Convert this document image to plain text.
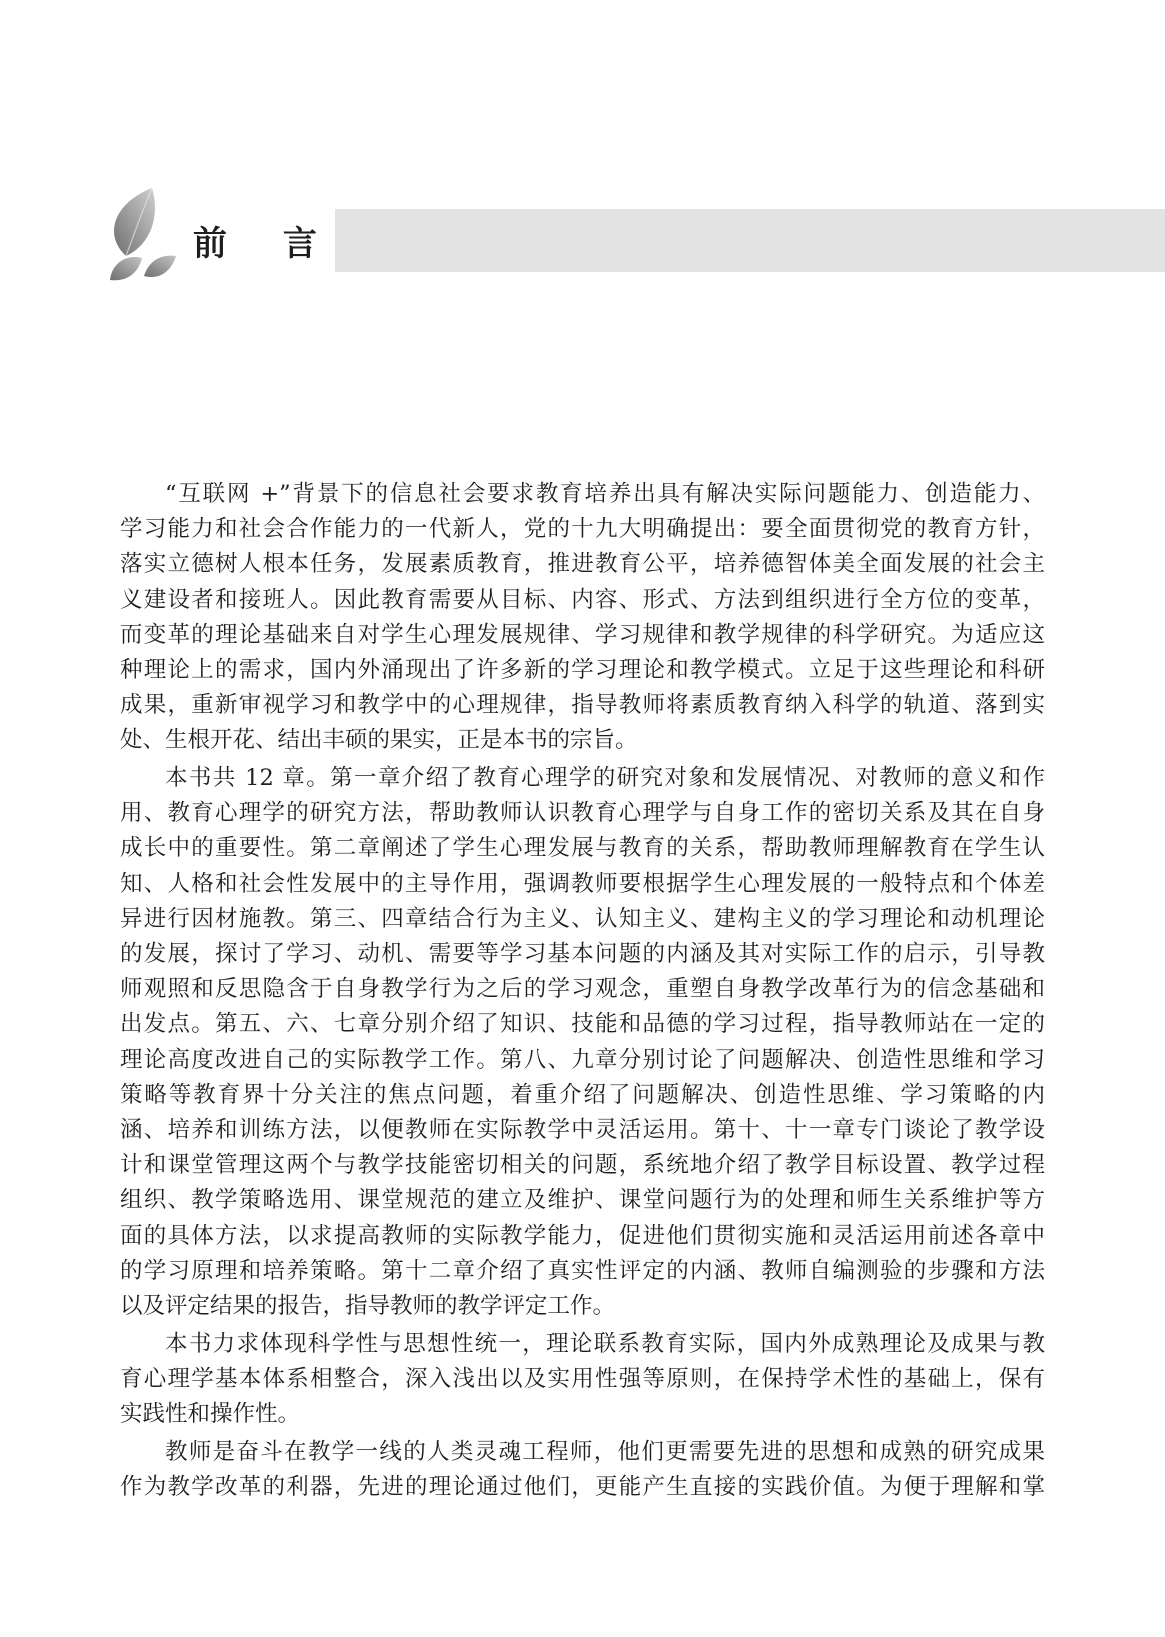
前 言
“互联网 +”背景下的信息社会要求教育培养出具有解决实际问题能力、创造能力、
学习能力和社会合作能力的一代新人，党的十九大明确提出：要全面贯彻党的教育方针，
落实立德树人根本任务，发展素质教育，推进教育公平，培养德智体美全面发展的社会主
义建设者和接班人。因此教育需要从目标、内容、形式、方法到组织进行全方位的变革，
而变革的理论基础来自对学生心理发展规律、学习规律和教学规律的科学研究。为适应这
种理论上的需求，国内外涌现出了许多新的学习理论和教学模式。立足于这些理论和科研
成果，重新审视学习和教学中的心理规律，指导教师将素质教育纳入科学的轨道、落到实
处、生根开花、结出丰硕的果实，正是本书的宗旨。
本书共 12 章。第一章介绍了教育心理学的研究对象和发展情况、对教师的意义和作
用、教育心理学的研究方法，帮助教师认识教育心理学与自身工作的密切关系及其在自身
成长中的重要性。第二章阐述了学生心理发展与教育的关系，帮助教师理解教育在学生认
知、人格和社会性发展中的主导作用，强调教师要根据学生心理发展的一般特点和个体差
异进行因材施教。第三、四章结合行为主义、认知主义、建构主义的学习理论和动机理论
的发展，探讨了学习、动机、需要等学习基本问题的内涵及其对实际工作的启示，引导教
师观照和反思隐含于自身教学行为之后的学习观念，重塑自身教学改革行为的信念基础和
出发点。第五、六、七章分别介绍了知识、技能和品德的学习过程，指导教师站在一定的
理论高度改进自己的实际教学工作。第八、九章分别讨论了问题解决、创造性思维和学习
策略等教育界十分关注的焦点问题，着重介绍了问题解决、创造性思维、学习策略的内
涵、培养和训练方法，以便教师在实际教学中灵活运用。第十、十一章专门谈论了教学设
计和课堂管理这两个与教学技能密切相关的问题，系统地介绍了教学目标设置、教学过程
组织、教学策略选用、课堂规范的建立及维护、课堂问题行为的处理和师生关系维护等方
面的具体方法，以求提高教师的实际教学能力，促进他们贯彻实施和灵活运用前述各章中
的学习原理和培养策略。第十二章介绍了真实性评定的内涵、教师自编测验的步骤和方法
以及评定结果的报告，指导教师的教学评定工作。
本书力求体现科学性与思想性统一，理论联系教育实际，国内外成熟理论及成果与教
育心理学基本体系相整合，深入浅出以及实用性强等原则，在保持学术性的基础上，保有
实践性和操作性。
教师是奋斗在教学一线的人类灵魂工程师，他们更需要先进的思想和成熟的研究成果
作为教学改革的利器，先进的理论通过他们，更能产生直接的实践价值。为便于理解和掌
